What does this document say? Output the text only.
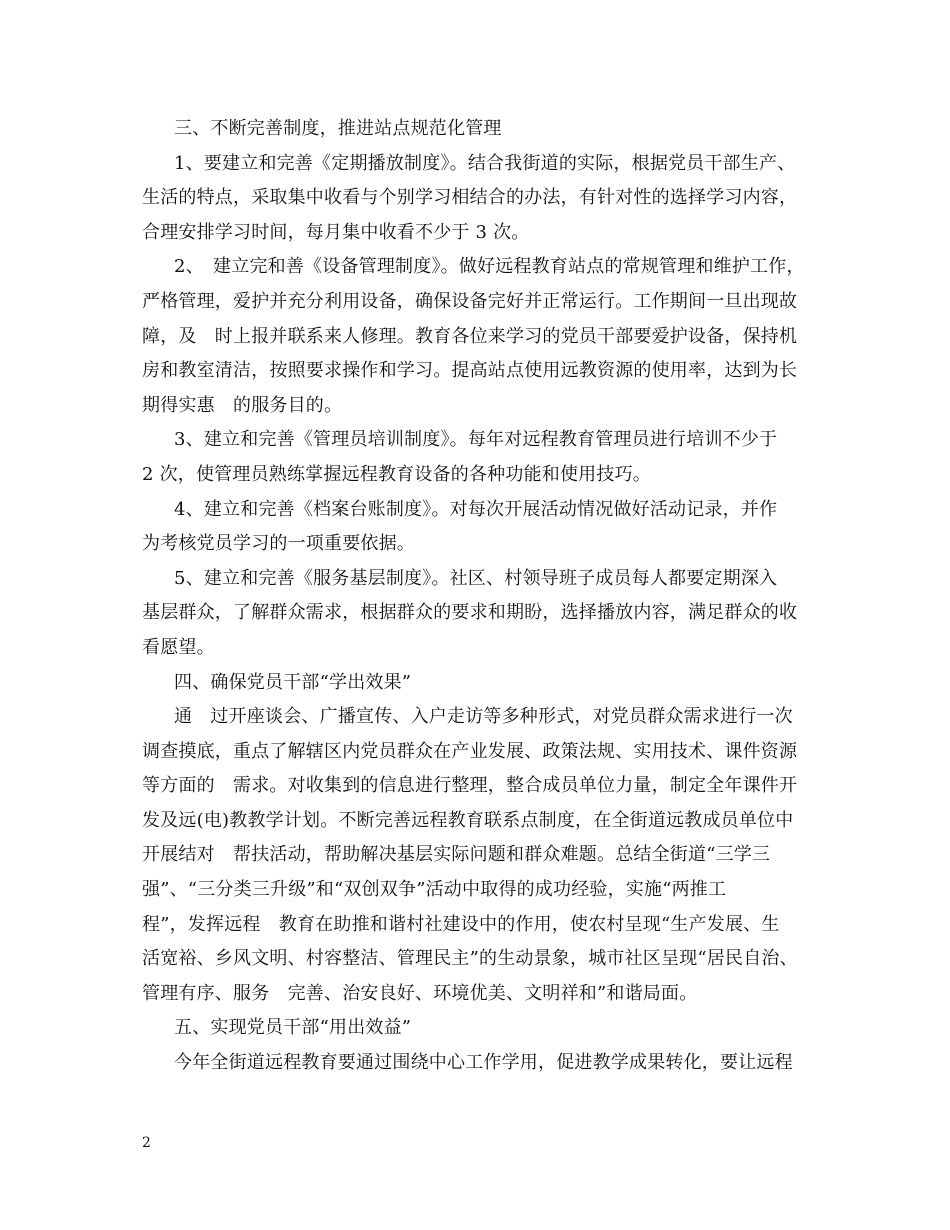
三、不断完善制度，推进站点规范化管理
1、要建立和完善《定期播放制度》。结合我街道的实际，根据党员干部生产、
生活的特点，采取集中收看与个别学习相结合的办法，有针对性的选择学习内容，
合理安排学习时间，每月集中收看不少于 3 次。
2、　建立完和善《设备管理制度》。做好远程教育站点的常规管理和维护工作，
严格管理，爱护并充分利用设备，确保设备完好并正常运行。工作期间一旦出现故
障，及　时上报并联系来人修理。教育各位来学习的党员干部要爱护设备，保持机
房和教室清洁，按照要求操作和学习。提高站点使用远教资源的使用率，达到为长
期得实惠　的服务目的。
3、建立和完善《管理员培训制度》。每年对远程教育管理员进行培训不少于
2 次，使管理员熟练掌握远程教育设备的各种功能和使用技巧。
4、建立和完善《档案台账制度》。对每次开展活动情况做好活动记录，并作
为考核党员学习的一项重要依据。
5、建立和完善《服务基层制度》。社区、村领导班子成员每人都要定期深入
基层群众，了解群众需求，根据群众的要求和期盼，选择播放内容，满足群众的收
看愿望。
四、确保党员干部“学出效果”
通　过开座谈会、广播宣传、入户走访等多种形式，对党员群众需求进行一次
调查摸底，重点了解辖区内党员群众在产业发展、政策法规、实用技术、课件资源
等方面的　需求。对收集到的信息进行整理，整合成员单位力量，制定全年课件开
发及远(电)教教学计划。不断完善远程教育联系点制度，在全街道远教成员单位中
开展结对　帮扶活动，帮助解决基层实际问题和群众难题。总结全街道“三学三
强”、“三分类三升级”和“双创双争”活动中取得的成功经验，实施“两推工
程”，发挥远程　教育在助推和谐村社建设中的作用，使农村呈现“生产发展、生
活宽裕、乡风文明、村容整洁、管理民主”的生动景象，城市社区呈现“居民自治、
管理有序、服务　完善、治安良好、环境优美、文明祥和”和谐局面。
五、实现党员干部“用出效益”
今年全街道远程教育要通过围绕中心工作学用，促进教学成果转化，要让远程
2
